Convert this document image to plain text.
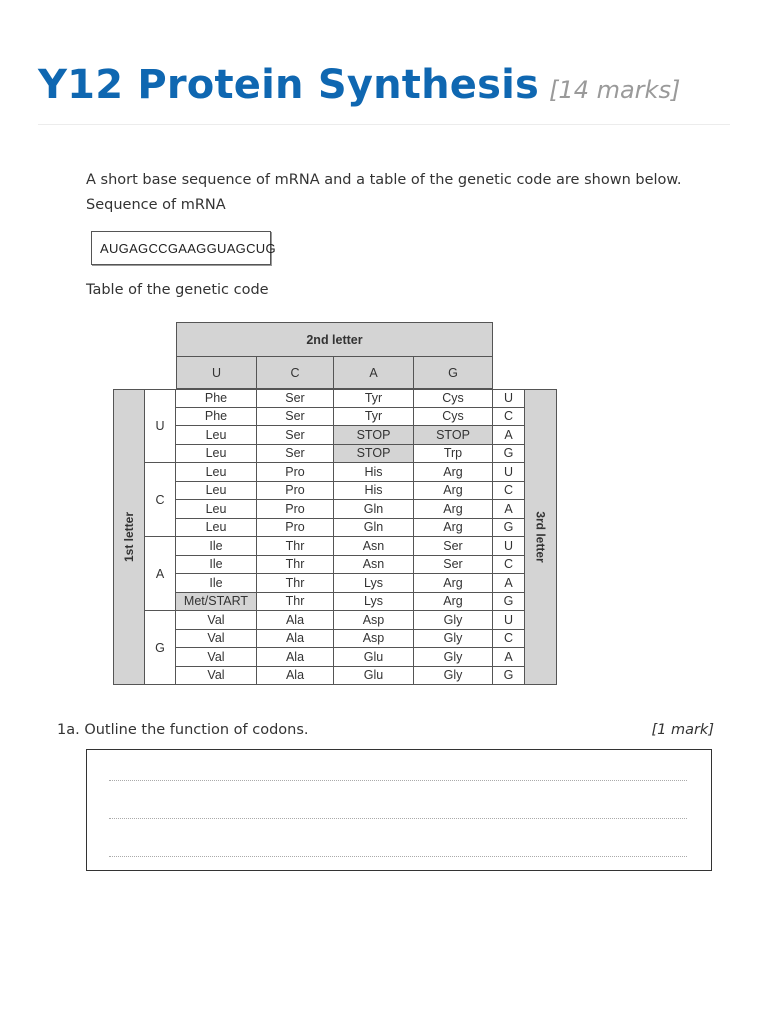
Y12 Protein Synthesis [14 marks]
A short base sequence of mRNA and a table of the genetic code are shown below.
Sequence of mRNA
AUGAGCCGAAGGUAGCUG
Table of the genetic code
2nd letter
U	C	A	G
1st letter	3rd letter
U
Phe	Ser	Tyr	Cys	U
Phe	Ser	Tyr	Cys	C
Leu	Ser	STOP	STOP	A
Leu	Ser	STOP	Trp	G
C
Leu	Pro	His	Arg	U
Leu	Pro	His	Arg	C
Leu	Pro	Gln	Arg	A
Leu	Pro	Gln	Arg	G
A
Ile	Thr	Asn	Ser	U
Ile	Thr	Asn	Ser	C
Ile	Thr	Lys	Arg	A
Met/START	Thr	Lys	Arg	G
G
Val	Ala	Asp	Gly	U
Val	Ala	Asp	Gly	C
Val	Ala	Glu	Gly	A
Val	Ala	Glu	Gly	G
1a. Outline the function of codons.	[1 mark]
